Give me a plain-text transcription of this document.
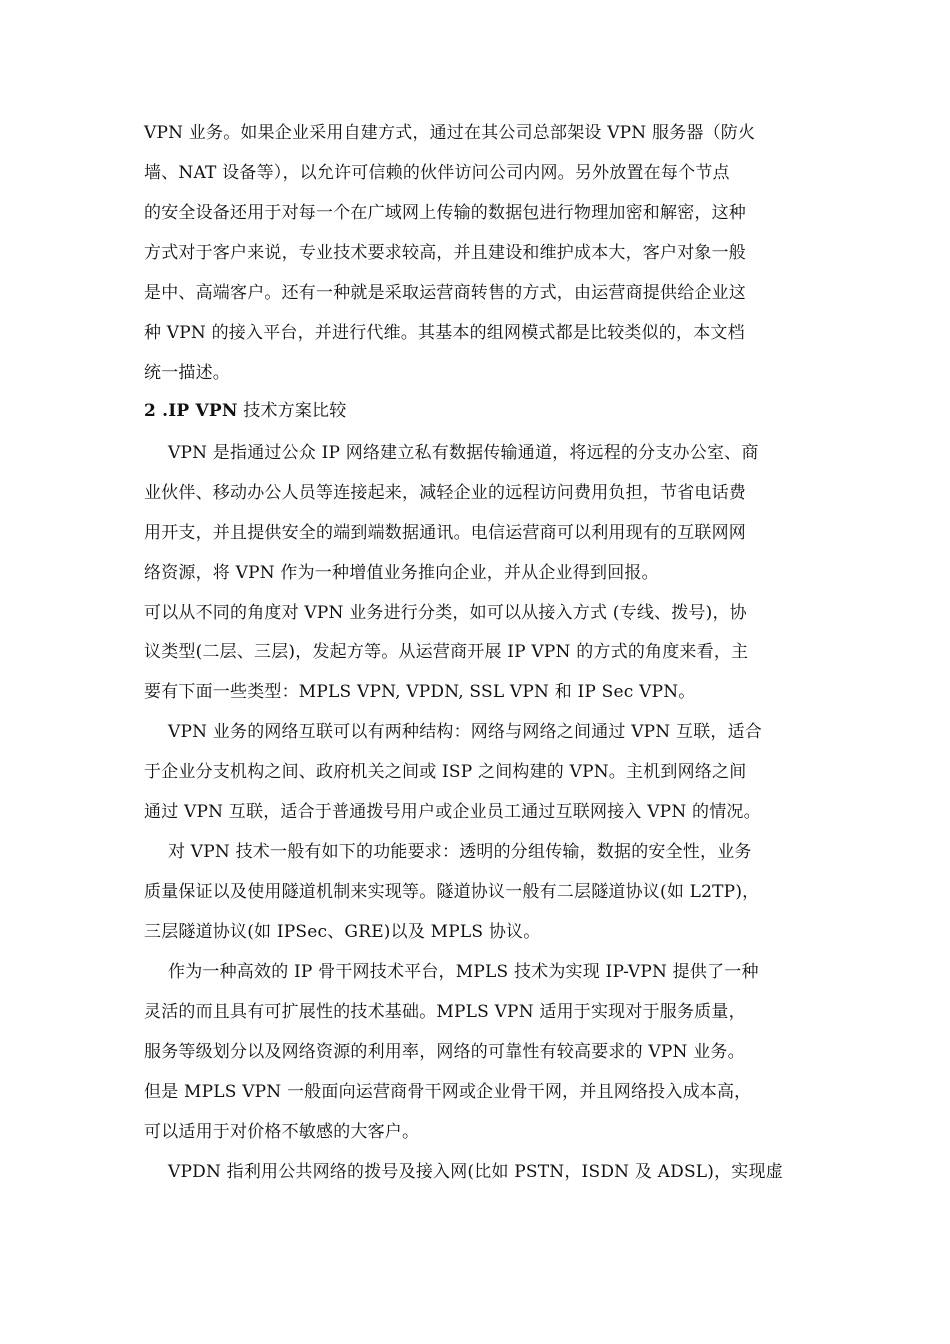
VPN 业务。如果企业采用自建方式，通过在其公司总部架设 VPN 服务器（防火
墙、NAT 设备等），以允许可信赖的伙伴访问公司内网。另外放置在每个节点
的安全设备还用于对每一个在广域网上传输的数据包进行物理加密和解密，这种
方式对于客户来说，专业技术要求较高，并且建设和维护成本大，客户对象一般
是中、高端客户。还有一种就是采取运营商转售的方式，由运营商提供给企业这
种 VPN 的接入平台，并进行代维。其基本的组网模式都是比较类似的，本文档
统一描述。
2 .IP VPN 技术方案比较
VPN 是指通过公众 IP 网络建立私有数据传输通道，将远程的分支办公室、商
业伙伴、移动办公人员等连接起来，减轻企业的远程访问费用负担，节省电话费
用开支，并且提供安全的端到端数据通讯。电信运营商可以利用现有的互联网网
络资源，将 VPN 作为一种增值业务推向企业，并从企业得到回报。
可以从不同的角度对 VPN 业务进行分类，如可以从接入方式 (专线、拨号)，协
议类型(二层、三层)，发起方等。从运营商开展 IP VPN 的方式的角度来看，主
要有下面一些类型：MPLS VPN, VPDN, SSL VPN 和 IP Sec VPN。
VPN 业务的网络互联可以有两种结构：网络与网络之间通过 VPN 互联，适合
于企业分支机构之间、政府机关之间或 ISP 之间构建的 VPN。主机到网络之间
通过 VPN 互联，适合于普通拨号用户或企业员工通过互联网接入 VPN 的情况。
对 VPN 技术一般有如下的功能要求：透明的分组传输，数据的安全性，业务
质量保证以及使用隧道机制来实现等。隧道协议一般有二层隧道协议(如 L2TP)，
三层隧道协议(如 IPSec、GRE)以及 MPLS 协议。
作为一种高效的 IP 骨干网技术平台，MPLS 技术为实现 IP-VPN 提供了一种
灵活的而且具有可扩展性的技术基础。MPLS VPN 适用于实现对于服务质量，
服务等级划分以及网络资源的利用率，网络的可靠性有较高要求的 VPN 业务。
但是 MPLS VPN 一般面向运营商骨干网或企业骨干网，并且网络投入成本高，
可以适用于对价格不敏感的大客户。
VPDN 指利用公共网络的拨号及接入网(比如 PSTN，ISDN 及 ADSL)，实现虚
